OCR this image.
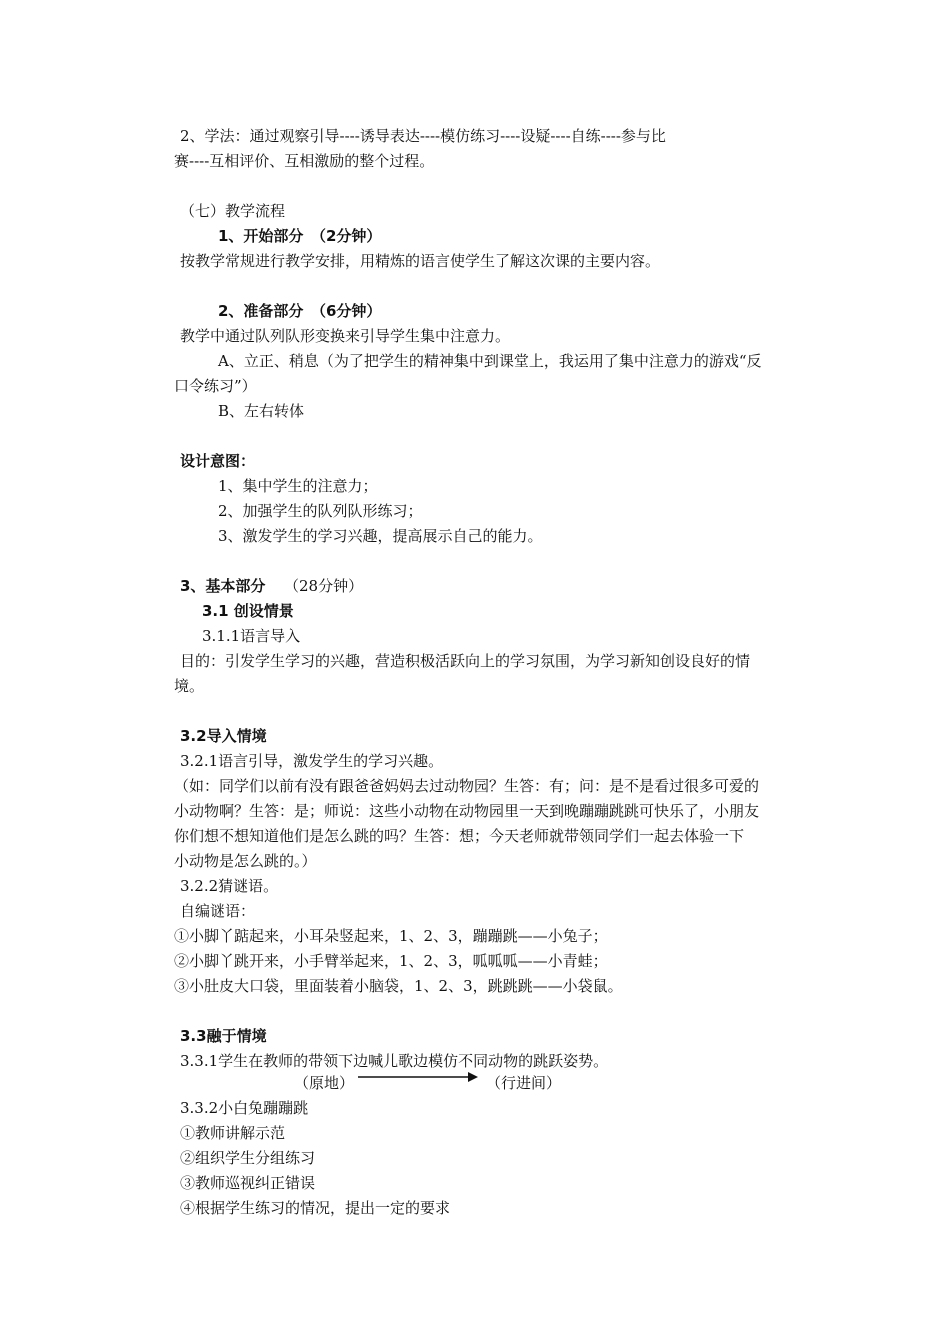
2、学法：通过观察引导----诱导表达----模仿练习----设疑----自练----参与比
赛----互相评价、互相激励的整个过程。
（七）教学流程
1、开始部分　（2分钟）
按教学常规进行教学安排，用精炼的语言使学生了解这次课的主要内容。
2、准备部分　（6分钟）
教学中通过队列队形变换来引导学生集中注意力。
A、立正、稍息（为了把学生的精神集中到课堂上，我运用了集中注意力的游戏“反
口令练习”）
B、左右转体
设计意图：
1、集中学生的注意力；
2、加强学生的队列队形练习；
3、激发学生的学习兴趣，提高展示自己的能力。
3、基本部分 （28分钟）
3.1 创设情景
3.1.1语言导入
目的：引发学生学习的兴趣，营造积极活跃向上的学习氛围，为学习新知创设良好的情
境。
3.2导入情境
3.2.1语言引导，激发学生的学习兴趣。
（如：同学们以前有没有跟爸爸妈妈去过动物园？生答：有；问：是不是看过很多可爱的
小动物啊？生答：是；师说：这些小动物在动物园里一天到晚蹦蹦跳跳可快乐了，小朋友
你们想不想知道他们是怎么跳的吗？生答：想；今天老师就带领同学们一起去体验一下
小动物是怎么跳的。）
3.2.2猜谜语。
自编谜语：
①小脚丫踮起来，小耳朵竖起来，1、2、3，蹦蹦跳——小兔子；
②小脚丫跳开来，小手臂举起来，1、2、3，呱呱呱——小青蛙；
③小肚皮大口袋，里面装着小脑袋，1、2、3，跳跳跳——小袋鼠。
3.3融于情境
3.3.1学生在教师的带领下边喊儿歌边模仿不同动物的跳跃姿势。
（原地）	（行进间）
3.3.2小白兔蹦蹦跳
①教师讲解示范
②组织学生分组练习
③教师巡视纠正错误
④根据学生练习的情况，提出一定的要求
